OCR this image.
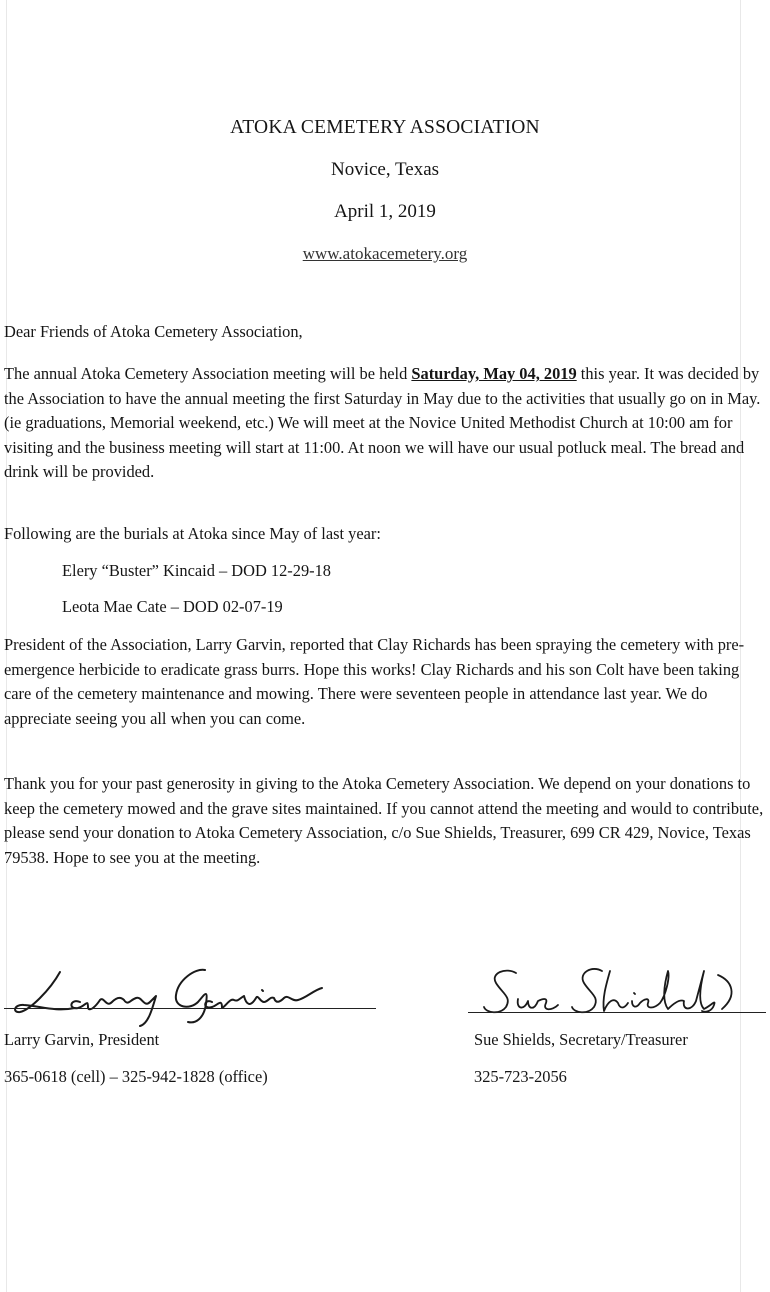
ATOKA CEMETERY ASSOCIATION
Novice, Texas
April 1, 2019
www.atokacemetery.org

Dear Friends of Atoka Cemetery Association,

The annual Atoka Cemetery Association meeting will be held Saturday, May 04, 2019 this year. It was decided by the Association to have the annual meeting the first Saturday in May due to the activities that usually go on in May. (ie graduations, Memorial weekend, etc.) We will meet at the Novice United Methodist Church at 10:00 am for visiting and the business meeting will start at 11:00. At noon we will have our usual potluck meal. The bread and drink will be provided.

Following are the burials at Atoka since May of last year:

Elery “Buster” Kincaid – DOD 12-29-18
Leota Mae Cate – DOD 02-07-19

President of the Association, Larry Garvin, reported that Clay Richards has been spraying the cemetery with pre-emergence herbicide to eradicate grass burrs. Hope this works! Clay Richards and his son Colt have been taking care of the cemetery maintenance and mowing. There were seventeen people in attendance last year. We do appreciate seeing you all when you can come.

Thank you for your past generosity in giving to the Atoka Cemetery Association. We depend on your donations to keep the cemetery mowed and the grave sites maintained. If you cannot attend the meeting and would to contribute, please send your donation to Atoka Cemetery Association, c/o Sue Shields, Treasurer, 699 CR 429, Novice, Texas 79538. Hope to see you at the meeting.

Larry Garvin, President	Sue Shields, Secretary/Treasurer
365-0618 (cell) – 325-942-1828 (office)	325-723-2056
